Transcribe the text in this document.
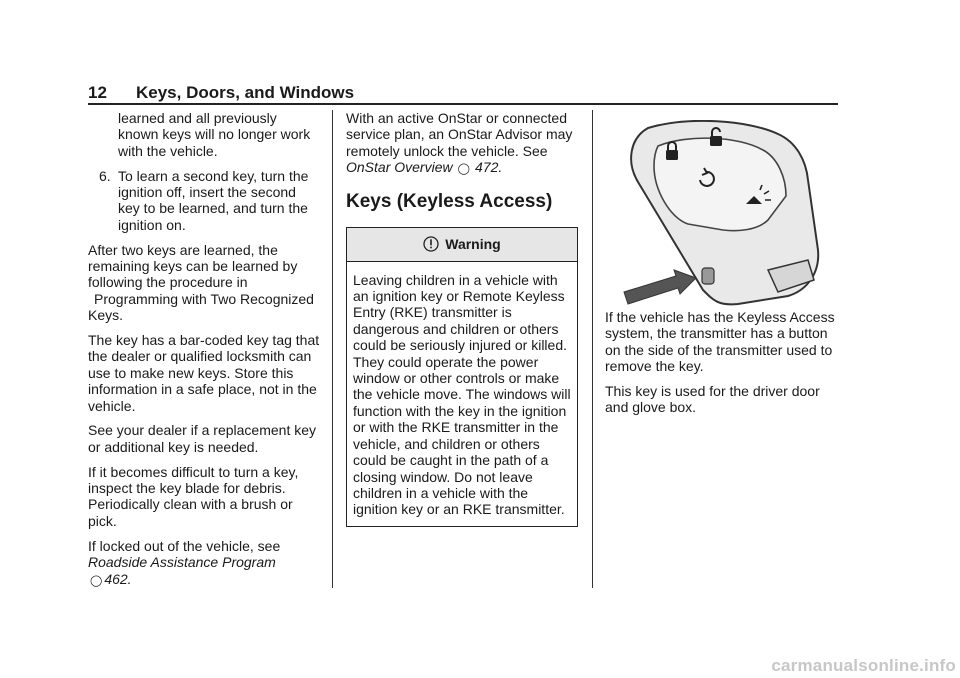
12 Keys, Doors, and Windows

learned and all previously known keys will no longer work with the vehicle.

6. To learn a second key, turn the ignition off, insert the second key to be learned, and turn the ignition on.

After two keys are learned, the remaining keys can be learned by following the procedure in
Programming with Two Recognized Keys.

The key has a bar-coded key tag that the dealer or qualified locksmith can use to make new keys. Store this information in a safe place, not in the vehicle.

See your dealer if a replacement key or additional key is needed.

If it becomes difficult to turn a key, inspect the key blade for debris. Periodically clean with a brush or pick.

If locked out of the vehicle, see
Roadside Assistance Program
◯ 462.

With an active OnStar or connected service plan, an OnStar Advisor may remotely unlock the vehicle. See OnStar Overview ◯ 472.

Keys (Keyless Access)
Warning
Leaving children in a vehicle with an ignition key or Remote Keyless Entry (RKE) transmitter is dangerous and children or others could be seriously injured or killed. They could operate the power window or other controls or make the vehicle move. The windows will function with the key in the ignition or with the RKE transmitter in the vehicle, and children or others could be caught in the path of a closing window. Do not leave children in a vehicle with the ignition key or an RKE transmitter.

If the vehicle has the Keyless Access system, the transmitter has a button on the side of the transmitter used to remove the key.

This key is used for the driver door and glove box.

carmanualsonline.info
